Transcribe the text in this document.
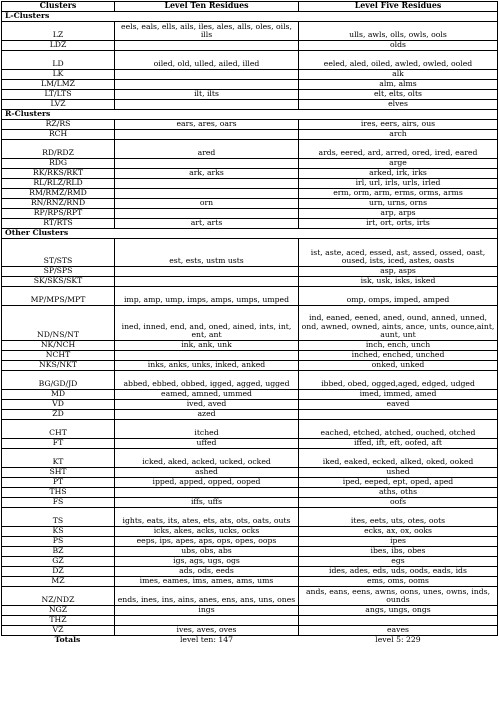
Clusters	Level Ten Residues	Level Five Residues
L-Clusters		
LZ	eels, eals, ells, ails, iles, ales, alls, oles, oils, ills	ulls, awls, olls, owls, ools
LDZ		olds
LD	oiled, old, ulled, ailed, illed	eeled, aled, oiled, awled, owled, ooled
LK		alk
LM/LMZ		alm, alms
LT/LTS	ilt, ilts	elt, elts, olts
LVZ		elves
R-Clusters		
RZ/RS	ears, ares, oars	ires, eers, airs, ous
RCH		arch
RD/RDZ	ared	ards, eered, ard, arred, ored, ired, eared
RDG		arge
RK/RKS/RKT	ark, arks	arked, irk, irks
RL/RLZ/RLD		irl, url, irls, urls, irled
RM/RMZ/RMD		erm, orm, arm, erms, orms, arms
RN/RNZ/RND	orn	urn, urns, orns
RP/RPS/RPT		arp, arps
RT/RTS	art, arts	irt, ort, orts, irts
Other Clusters		
ST/STS	est, ests, ustm usts	ist, aste, aced, essed, ast, assed, ossed, oast, oused, ists, iced, astes, oasts
SP/SPS		asp, asps
SK/SKS/SKT		isk, usk, isks, isked
MP/MPS/MPT	imp, amp, ump, imps, amps, umps, umped	omp, omps, imped, amped
ND/NS/NT	ined, inned, end, and, oned, ained, ints, int, ent, ant	ind, eaned, eened, aned, ound, anned, unned, ond, awned, owned, aints, ance, unts, ounce,aint, aunt, unt
NK/NCH	ink, ank, unk	inch, ench, unch
NCHT		inched, enched, unched
NKS/NKT	inks, anks, unks, inked, anked	onked, unked
BG/GD/JD	abbed, ebbed, obbed, igged, agged, ugged	ibbed, obed, ogged,aged, edged, udged
MD	eamed, amned, ummed	imed, immed, amed
VD	ived, aved	eaved
ZD	azed	
CHT	itched	eached, etched, atched, ouched, otched
FT	uffed	iffed, ift, eft, oofed, aft
KT	icked, aked, acked, ucked, ocked	iked, eaked, ecked, alked, oked, ooked
SHT	ashed	ushed
PT	ipped, apped, opped, ooped	iped, eeped, ept, oped, aped
THS		aths, oths
FS	iffs, uffs	oofs
TS	ights, eats, its, ates, ets, ats, ots, oats, outs	ites, eets, uts, otes, oots
KS	icks, akes, acks, ucks, ocks	ecks, ax, ox, ooks
PS	eeps, ips, apes, aps, ops, opes, oops	ipes
BZ	ubs, obs, abs	ibes, ibs, obes
GZ	igs, ags, ugs, ogs	egs
DZ	ads, ods, eeds	ides, ades, eds, uds, oods, eads, ids
MZ	imes, eames, ims, ames, ams, ums	ems, oms, ooms
NZ/NDZ	ends, ines, ins, ains, anes, ens, ans, uns, ones	ands, eans, eens, awns, oons, unes, owns, inds, ounds
NGZ	ings	angs, ungs, ongs
THZ		
VZ	ives, aves, oves	eaves
Totals	level ten: 147	level 5: 229
